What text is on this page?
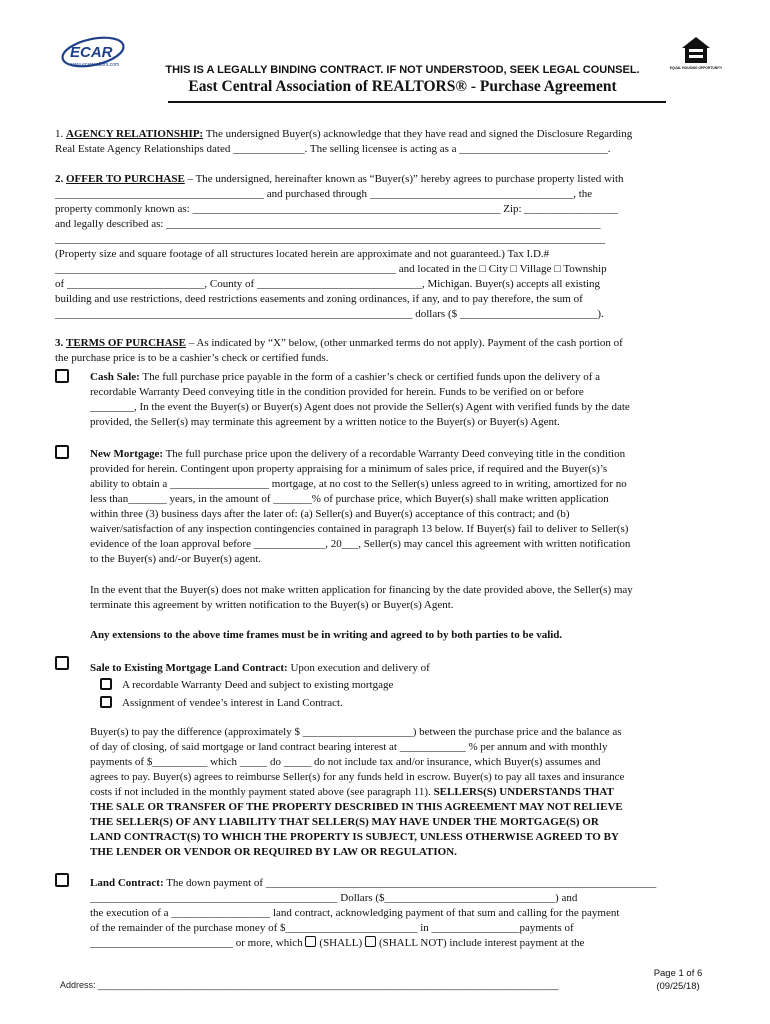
ECAR
www.ecarrealtors.com	EQUAL HOUSING OPPORTUNITY
THIS IS A LEGALLY BINDING CONTRACT. IF NOT UNDERSTOOD, SEEK LEGAL COUNSEL.
East Central Association of REALTORS® - Purchase Agreement

1. AGENCY RELATIONSHIP: The undersigned Buyer(s) acknowledge that they have read and signed the Disclosure Regarding
Real Estate Agency Relationships dated _____________. The selling licensee is acting as a ___________________________.

2. OFFER TO PURCHASE – The undersigned, hereinafter known as “Buyer(s)” hereby agrees to purchase property listed with
______________________________________ and purchased through _____________________________________, the
property commonly known as: ________________________________________________________ Zip: _________________
and legally described as: _______________________________________________________________________________
____________________________________________________________________________________________________
(Property size and square footage of all structures located herein are approximate and not guaranteed.) Tax I.D.#
______________________________________________________________ and located in the □ City □ Village □ Township
of _________________________, County of ______________________________, Michigan. Buyer(s) accepts all existing
building and use restrictions, deed restrictions easements and zoning ordinances, if any, and to pay therefore, the sum of
_________________________________________________________________ dollars ($ _________________________).

3. TERMS OF PURCHASE – As indicated by “X” below, (other unmarked terms do not apply). Payment of the cash portion of
the purchase price is to be a cashier’s check or certified funds.

Cash Sale: The full purchase price payable in the form of a cashier’s check or certified funds upon the delivery of a
recordable Warranty Deed conveying title in the condition provided for herein. Funds to be verified on or before
________, In the event the Buyer(s) or Buyer(s) Agent does not provide the Seller(s) Agent with verified funds by the date
provided, the Seller(s) may terminate this agreement by a written notice to the Buyer(s) or Buyer(s) Agent.

New Mortgage: The full purchase price upon the delivery of a recordable Warranty Deed conveying title in the condition
provided for herein. Contingent upon property appraising for a minimum of sales price, if required and the Buyer(s)’s
ability to obtain a __________________ mortgage, at no cost to the Seller(s) unless agreed to in writing, amortized for no
less than_______ years, in the amount of _______% of purchase price, which Buyer(s) shall make written application
within three (3) business days after the later of: (a) Seller(s) and Buyer(s) acceptance of this contract; and (b)
waiver/satisfaction of any inspection contingencies contained in paragraph 13 below. If Buyer(s) fail to deliver to Seller(s)
evidence of the loan approval before _____________, 20___, Seller(s) may cancel this agreement with written notification
to the Buyer(s) and/-or Buyer(s) agent.

In the event that the Buyer(s) does not make written application for financing by the date provided above, the Seller(s) may
terminate this agreement by written notification to the Buyer(s) or Buyer(s) Agent.

Any extensions to the above time frames must be in writing and agreed to by both parties to be valid.

Sale to Existing Mortgage Land Contract: Upon execution and delivery of

A recordable Warranty Deed and subject to existing mortgage

Assignment of vendee’s interest in Land Contract.

Buyer(s) to pay the difference (approximately $ ____________________) between the purchase price and the balance as
of day of closing, of said mortgage or land contract bearing interest at ____________ % per annum and with monthly
payments of $__________ which _____ do _____ do not include tax and/or insurance, which Buyer(s) assumes and
agrees to pay. Buyer(s) agrees to reimburse Seller(s) for any funds held in escrow. Buyer(s) to pay all taxes and insurance
costs if not included in the monthly payment stated above (see paragraph 11). SELLERS(S) UNDERSTANDS THAT
THE SALE OR TRANSFER OF THE PROPERTY DESCRIBED IN THIS AGREEMENT MAY NOT RELIEVE
THE SELLER(S) OF ANY LIABILITY THAT SELLER(S) MAY HAVE UNDER THE MORTGAGE(S) OR
LAND CONTRACT(S) TO WHICH THE PROPERTY IS SUBJECT, UNLESS OTHERWISE AGREED TO BY
THE LENDER OR VENDOR OR REQUIRED BY LAW OR REGULATION.

Land Contract: The down payment of _______________________________________________________________________
_____________________________________________ Dollars ($_______________________________) and
the execution of a __________________ land contract, acknowledging payment of that sum and calling for the payment
of the remainder of the purchase money of $________________________ in ________________payments of
__________________________ or more, which (SHALL) (SHALL NOT) include interest payment at the

Page 1 of 6
(09/25/18)
Address: ____________________________________________________________________________________________
